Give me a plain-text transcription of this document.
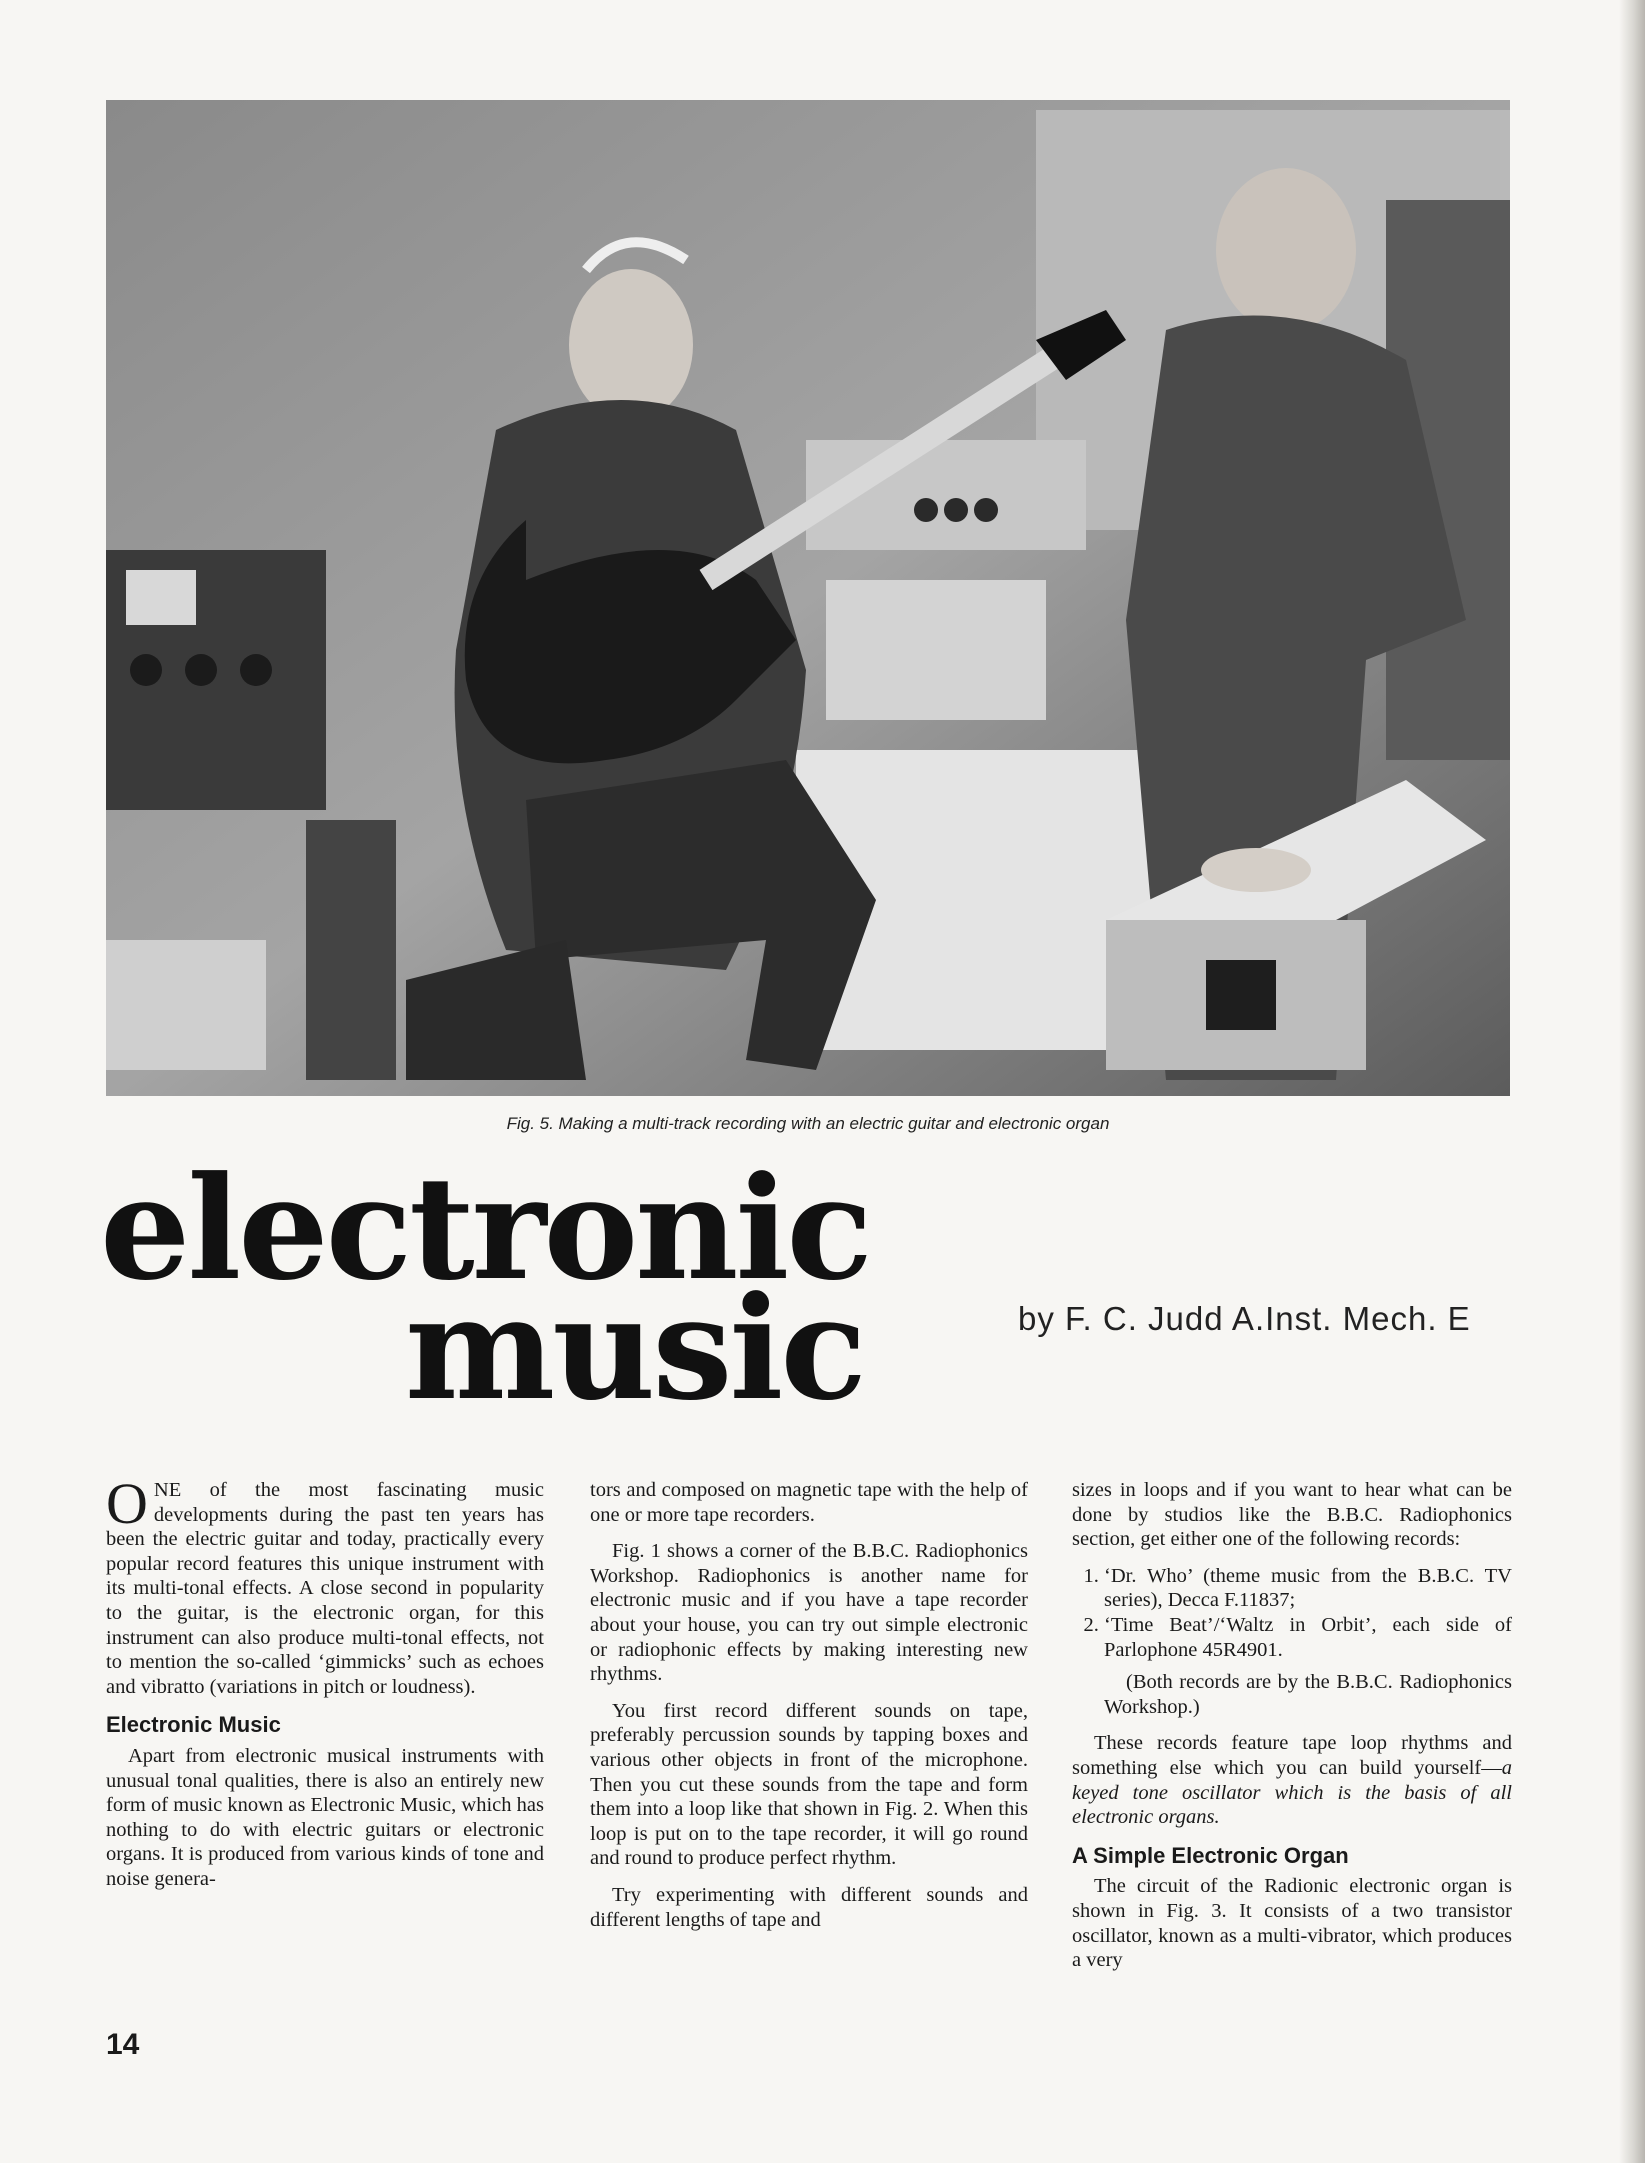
Fig. 5. Making a multi-track recording with an electric guitar and electronic organ
electronic
music	by F. C. Judd A.Inst. Mech. E

ONE of the most fascinating music developments during the past ten years has been the electric guitar and today, practically every popular record features this unique instrument with its multi-tonal effects. A close second in popularity to the guitar, is the electronic organ, for this instrument can also produce multi-tonal effects, not to mention the so-called ‘gimmicks’ such as echoes and vibratto (variations in pitch or loudness).

Electronic Music

Apart from electronic musical instruments with unusual tonal qualities, there is also an entirely new form of music known as Electronic Music, which has nothing to do with electric guitars or electronic organs. It is produced from various kinds of tone and noise genera-

tors and composed on magnetic tape with the help of one or more tape recorders.

Fig. 1 shows a corner of the B.B.C. Radiophonics Workshop. Radiophonics is another name for electronic music and if you have a tape recorder about your house, you can try out simple electronic or radiophonic effects by making interesting new rhythms.

You first record different sounds on tape, preferably percussion sounds by tapping boxes and various other objects in front of the microphone. Then you cut these sounds from the tape and form them into a loop like that shown in Fig. 2. When this loop is put on to the tape recorder, it will go round and round to produce perfect rhythm.

Try experimenting with different sounds and different lengths of tape and

sizes in loops and if you want to hear what can be done by studios like the B.B.C. Radiophonics section, get either one of the following records:

1. ‘Dr. Who’ (theme music from the B.B.C. TV series), Decca F.11837;
2. ‘Time Beat’/‘Waltz in Orbit’, each side of Parlophone 45R4901.

(Both records are by the B.B.C. Radiophonics Workshop.)

These records feature tape loop rhythms and something else which you can build yourself—a keyed tone oscillator which is the basis of all electronic organs.

A Simple Electronic Organ

The circuit of the Radionic electronic organ is shown in Fig. 3. It consists of a two transistor oscillator, known as a multi-vibrator, which produces a very

14
